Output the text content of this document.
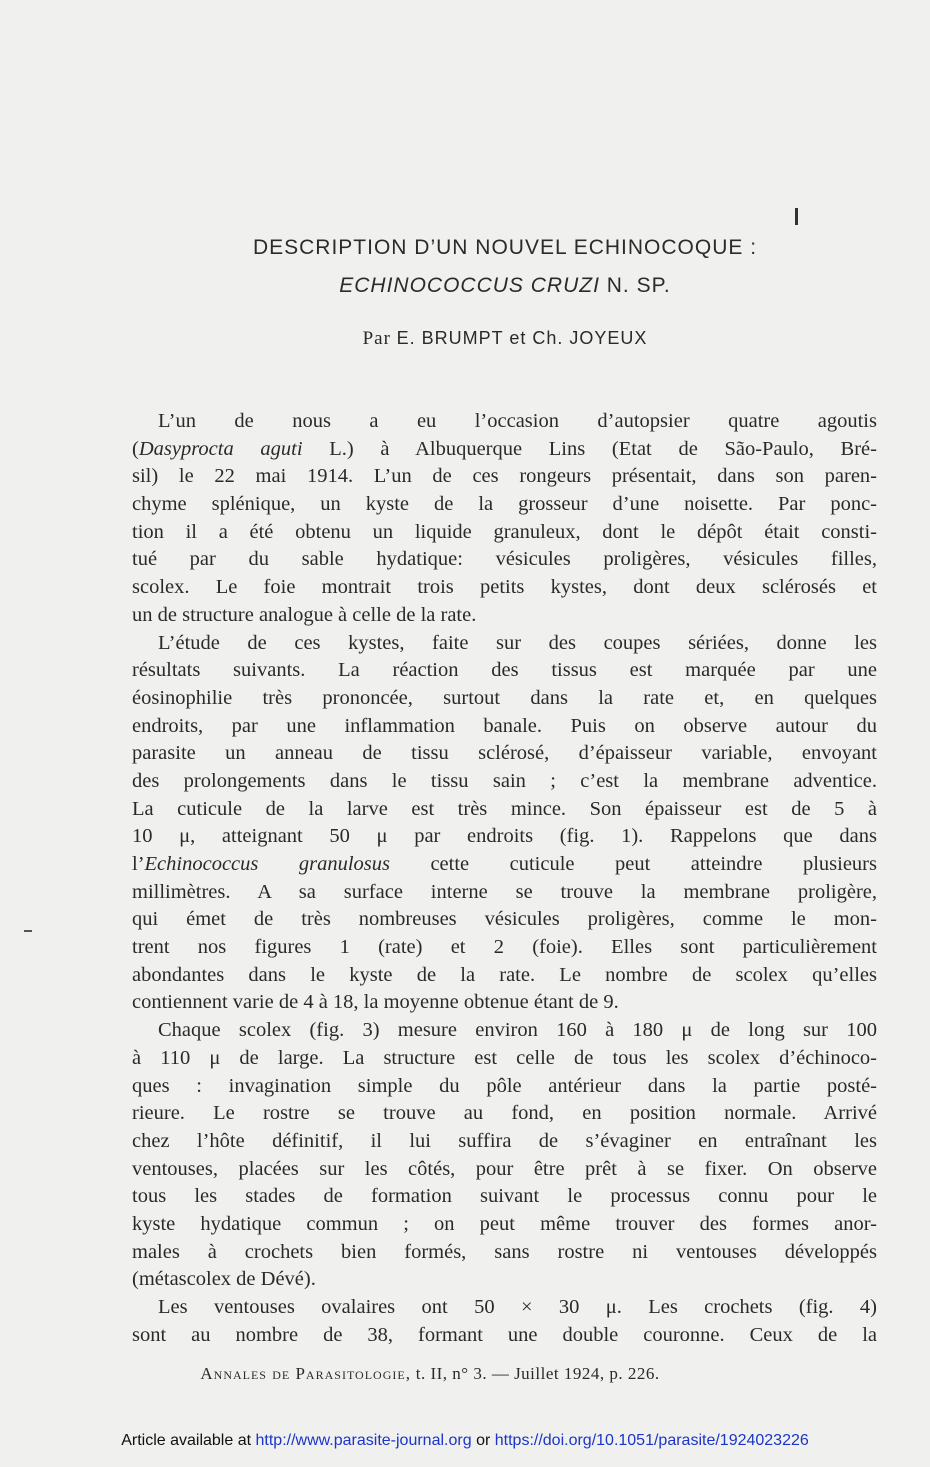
DESCRIPTION D’UN NOUVEL ECHINOCOQUE :
ECHINOCOCCUS CRUZI N. SP.
Par E. BRUMPT et Ch. JOYEUX
L’un de nous a eu l’occasion d’autopsier quatre agoutis
(Dasyprocta aguti L.) à Albuquerque Lins (Etat de São-Paulo, Bré-
sil) le 22 mai 1914. L’un de ces rongeurs présentait, dans son paren-
chyme splénique, un kyste de la grosseur d’une noisette. Par ponc-
tion il a été obtenu un liquide granuleux, dont le dépôt était consti-
tué par du sable hydatique: vésicules proligères, vésicules filles,
scolex. Le foie montrait trois petits kystes, dont deux sclérosés et
un de structure analogue à celle de la rate.
L’étude de ces kystes, faite sur des coupes sériées, donne les
résultats suivants. La réaction des tissus est marquée par une
éosinophilie très prononcée, surtout dans la rate et, en quelques
endroits, par une inflammation banale. Puis on observe autour du
parasite un anneau de tissu sclérosé, d’épaisseur variable, envoyant
des prolongements dans le tissu sain ; c’est la membrane adventice.
La cuticule de la larve est très mince. Son épaisseur est de 5 à
10 μ, atteignant 50 μ par endroits (fig. 1). Rappelons que dans
l’Echinococcus granulosus cette cuticule peut atteindre plusieurs
millimètres. A sa surface interne se trouve la membrane proligère,
qui émet de très nombreuses vésicules proligères, comme le mon-
trent nos figures 1 (rate) et 2 (foie). Elles sont particulièrement
abondantes dans le kyste de la rate. Le nombre de scolex qu’elles
contiennent varie de 4 à 18, la moyenne obtenue étant de 9.
Chaque scolex (fig. 3) mesure environ 160 à 180 μ de long sur 100
à 110 μ de large. La structure est celle de tous les scolex d’échinoco-
ques : invagination simple du pôle antérieur dans la partie posté-
rieure. Le rostre se trouve au fond, en position normale. Arrivé
chez l’hôte définitif, il lui suffira de s’évaginer en entraînant les
ventouses, placées sur les côtés, pour être prêt à se fixer. On observe
tous les stades de formation suivant le processus connu pour le
kyste hydatique commun ; on peut même trouver des formes anor-
males à crochets bien formés, sans rostre ni ventouses développés
(métascolex de Dévé).
Les ventouses ovalaires ont 50 × 30 μ. Les crochets (fig. 4)
sont au nombre de 38, formant une double couronne. Ceux de la
Annales de Parasitologie, t. II, n° 3. — Juillet 1924, p. 226.
Article available at http://www.parasite-journal.org or https://doi.org/10.1051/parasite/1924023226
